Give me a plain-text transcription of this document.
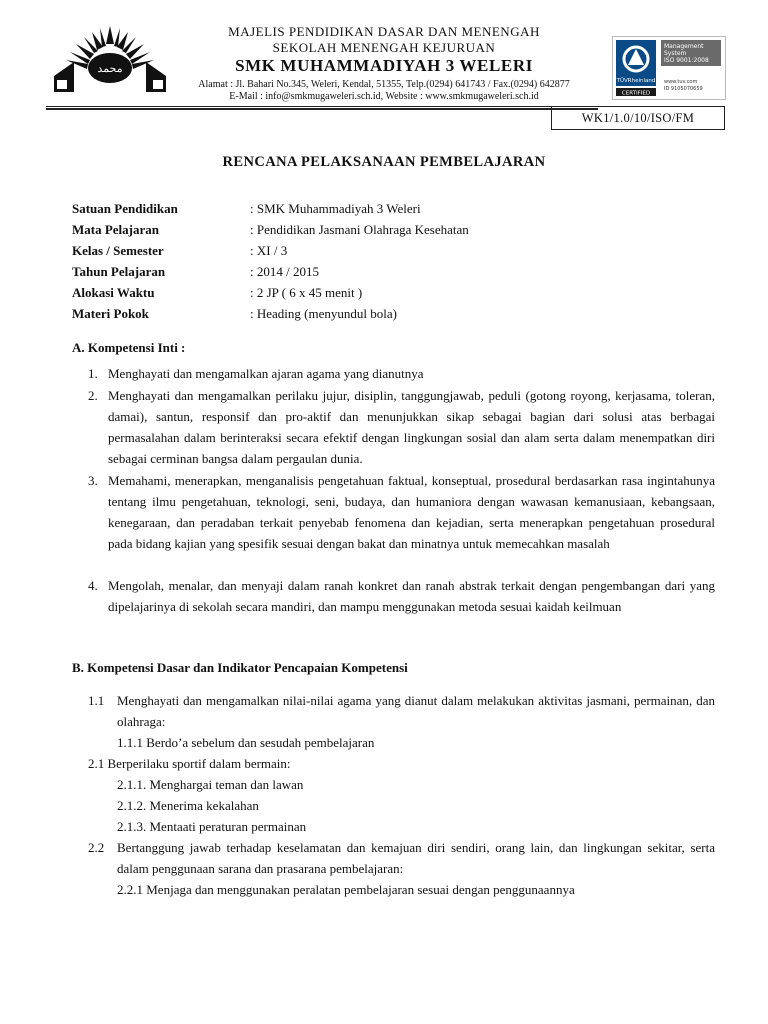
محمد
MAJELIS PENDIDIKAN DASAR DAN MENENGAH
SEKOLAH MENENGAH KEJURUAN
SMK MUHAMMADIYAH 3 WELERI
Alamat : Jl. Bahari No.345, Weleri, Kendal, 51355, Telp.(0294) 641743 / Fax.(0294) 642877
E-Mail : info@smkmugaweleri.sch.id, Website : www.smkmugaweleri.sch.id
TÜVRheinland
CERTIFIED
Management
System
ISO 9001:2008
www.tuv.com
ID 9105070659
WK1/1.0/10/ISO/FM
RENCANA PELAKSANAAN PEMBELAJARAN
Satuan Pendidikan	: SMK Muhammadiyah 3 Weleri
Mata Pelajaran	: Pendidikan Jasmani Olahraga Kesehatan
Kelas / Semester	: XI / 3
Tahun Pelajaran	: 2014 / 2015
Alokasi Waktu	: 2 JP ( 6 x 45 menit )
Materi Pokok	: Heading (menyundul bola)
A. Kompetensi Inti :
1. Menghayati dan mengamalkan ajaran agama yang dianutnya
2. Menghayati dan mengamalkan perilaku jujur, disiplin, tanggungjawab, peduli (gotong royong, kerjasama, toleran, damai), santun, responsif dan pro-aktif dan menunjukkan sikap sebagai bagian dari solusi atas berbagai permasalahan dalam berinteraksi secara efektif dengan lingkungan sosial dan alam serta dalam menempatkan diri sebagai cerminan bangsa dalam pergaulan dunia.
3. Memahami, menerapkan, menganalisis pengetahuan faktual, konseptual, prosedural berdasarkan rasa ingintahunya tentang ilmu pengetahuan, teknologi, seni, budaya, dan humaniora dengan wawasan kemanusiaan, kebangsaan, kenegaraan, dan peradaban terkait penyebab fenomena dan kejadian, serta menerapkan pengetahuan prosedural pada bidang kajian yang spesifik sesuai dengan bakat dan minatnya untuk memecahkan masalah
4. Mengolah, menalar, dan menyaji dalam ranah konkret dan ranah abstrak terkait dengan pengembangan dari yang dipelajarinya di sekolah secara mandiri, dan mampu menggunakan metoda sesuai kaidah keilmuan
B. Kompetensi Dasar dan Indikator Pencapaian Kompetensi
1.1 Menghayati dan mengamalkan nilai-nilai agama yang dianut dalam melakukan aktivitas jasmani, permainan, dan olahraga:
1.1.1 Berdo’a sebelum dan sesudah pembelajaran
2.1 Berperilaku sportif dalam bermain:
2.1.1. Menghargai teman dan lawan
2.1.2. Menerima kekalahan
2.1.3. Mentaati peraturan permainan
2.2 Bertanggung jawab terhadap keselamatan dan kemajuan diri sendiri, orang lain, dan lingkungan sekitar, serta dalam penggunaan sarana dan prasarana pembelajaran:
2.2.1 Menjaga dan menggunakan peralatan pembelajaran sesuai dengan penggunaannya
